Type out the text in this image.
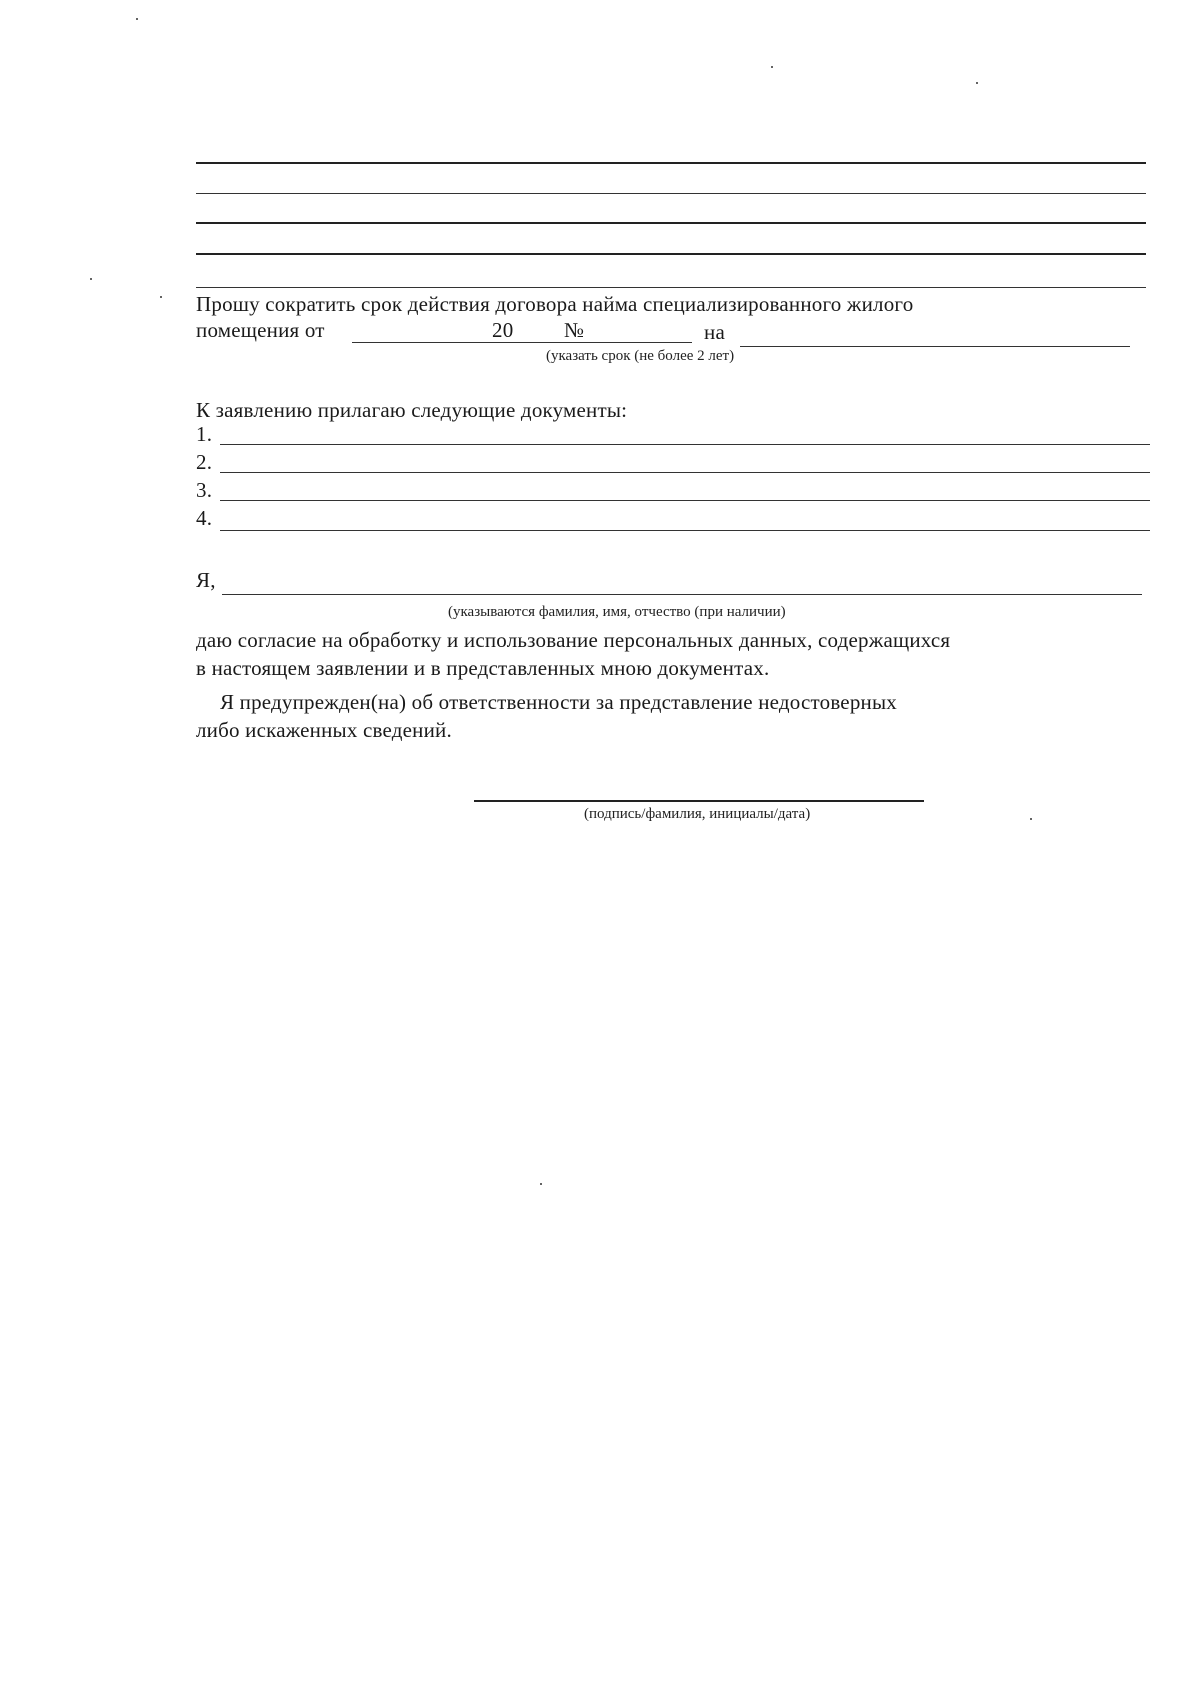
Прошу сократить срок действия договора найма специализированного жилого
помещения от	20 №	на
(указать срок (не более 2 лет)
К заявлению прилагаю следующие документы:
1.
2.
3.
4.
Я,
(указываются фамилия, имя, отчество (при наличии)
даю согласие на обработку и использование персональных данных, содержащихся
в настоящем заявлении и в представленных мною документах.
Я предупрежден(на) об ответственности за представление недостоверных
либо искаженных сведений.
(подпись/фамилия, инициалы/дата)
